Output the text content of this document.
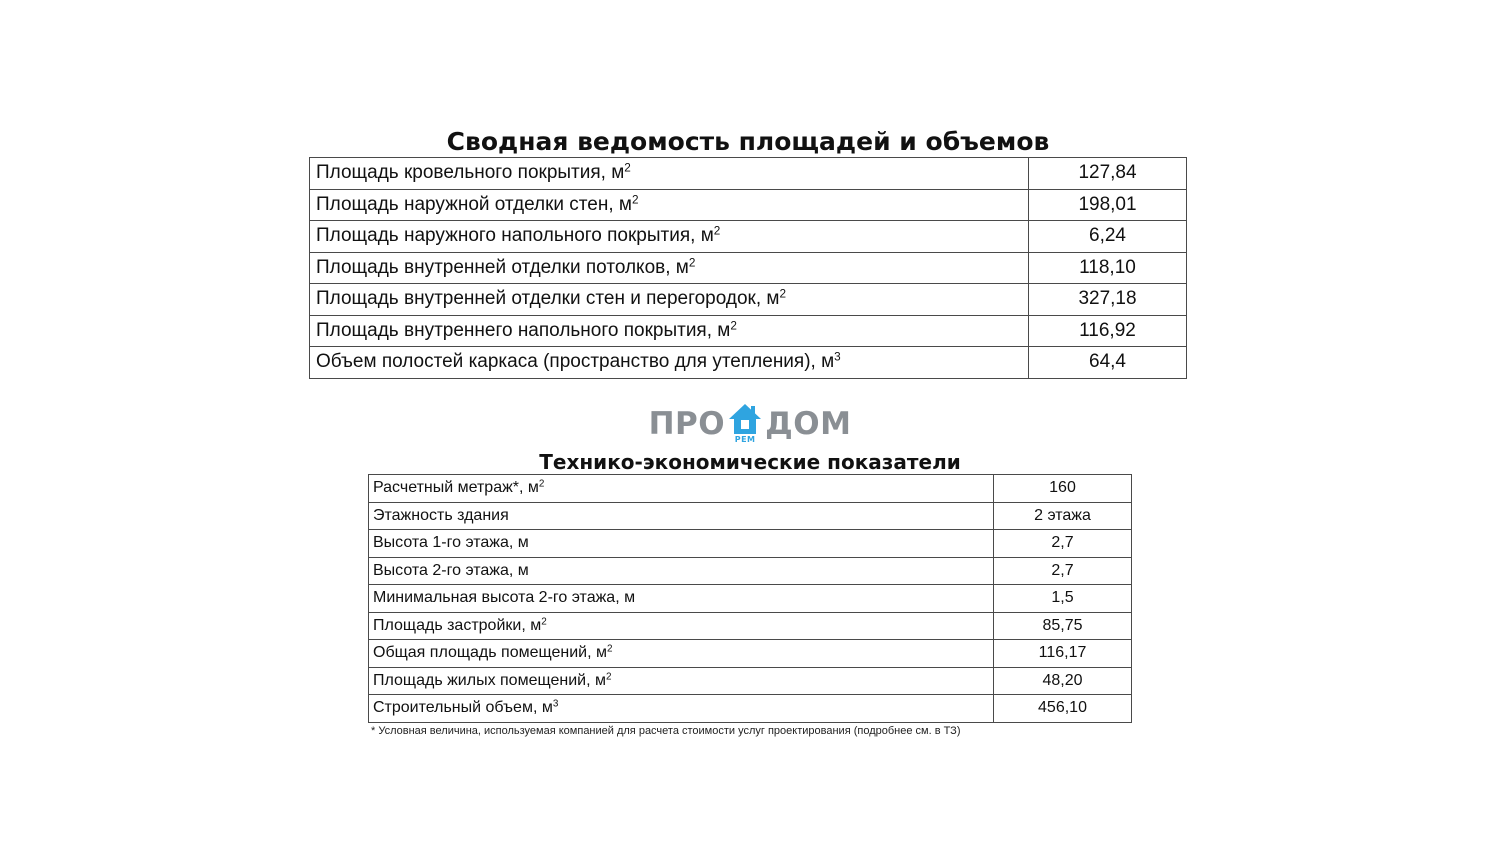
Сводная ведомость площадей и объемов
Площадь кровельного покрытия, $м^2$	127,84
Площадь наружной отделки стен, $м^2$	198,01
Площадь наружного напольного покрытия, $м^2$	6,24
Площадь внутренней отделки потолков, $м^2$	118,10
Площадь внутренней отделки стен и перегородок, $м^2$	327,18
Площадь внутреннего напольного покрытия, $м^2$	116,92
Объем полостей каркаса (пространство для утепления), $м^3$	64,4
ПРО	РЕМ ДОМ
Технико-экономические показатели
Расчетный метраж*, $м^2$	160
Этажность здания	2 этажа
Высота 1-го этажа, м	2,7
Высота 2-го этажа, м	2,7
Минимальная высота 2-го этажа, м	1,5
Площадь застройки, $м^2$	85,75
Общая площадь помещений, $м^2$	116,17
Площадь жилых помещений, $м^2$	48,20
Строительный объем, $м^3$	456,10
* Условная величина, используемая компанией для расчета стоимости услуг проектирования (подробнее см. в ТЗ)
